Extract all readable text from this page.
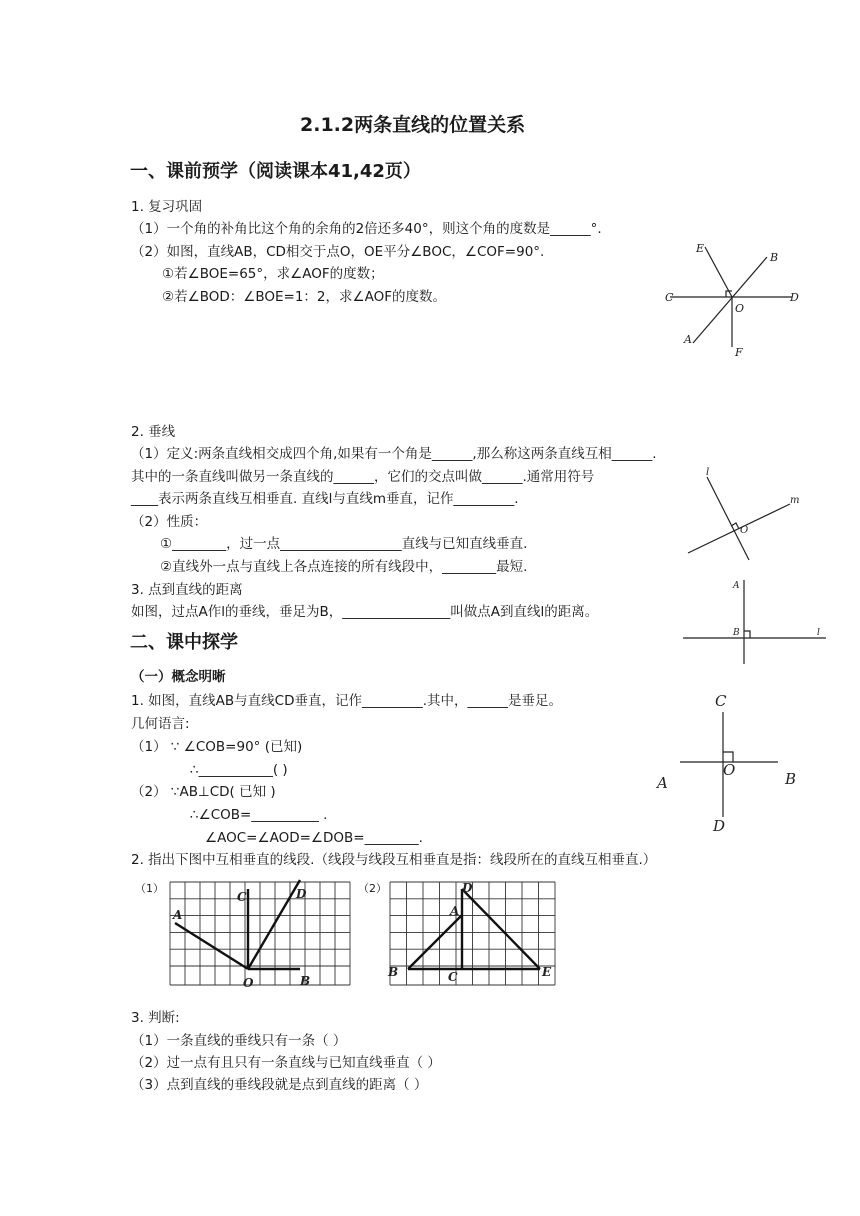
2.1.2两条直线的位置关系
一、课前预学（阅读课本41,42页）
1. 复习巩固
（1）一个角的补角比这个角的余角的2倍还多40°，则这个角的度数是______°.
（2）如图，直线AB，CD相交于点O，OE平分∠BOC，∠COF=90°.
①若∠BOE=65°，求∠AOF的度数；
②若∠BOD：∠BOE=1：2，求∠AOF的度数。
E
B
C
O
D
A
F
2. 垂线
（1）定义:两条直线相交成四个角,如果有一个角是______,那么称这两条直线互相______.
其中的一条直线叫做另一条直线的______，它们的交点叫做______.通常用符号
____表示两条直线互相垂直. 直线l与直线m垂直，记作_________.
（2）性质：
①________，过一点__________________直线与已知直线垂直.
②直线外一点与直线上各点连接的所有线段中，________最短.
l
m
O
3. 点到直线的距离
如图，过点A作l的垂线，垂足为B，________________叫做点A到直线l的距离。
A
B	l
二、课中探学
（一）概念明晰
1. 如图，直线AB与直线CD垂直，记作_________.其中，______是垂足。
几何语言:
（1） ∵ ∠COB=90° (已知)
∴___________( )
（2） ∵AB⊥CD( 已知 )
∴∠COB=__________ .
∠AOC=∠AOD=∠DOB=________.
C
A
O	B
D
2. 指出下图中互相垂直的线段.（线段与线段互相垂直是指：线段所在的直线互相垂直.）
（1）
C	D
A
O	B
（2）	D
A
B	C	E
3. 判断:
（1）一条直线的垂线只有一条（ ）
（2）过一点有且只有一条直线与已知直线垂直（ ）
（3）点到直线的垂线段就是点到直线的距离（ ）
